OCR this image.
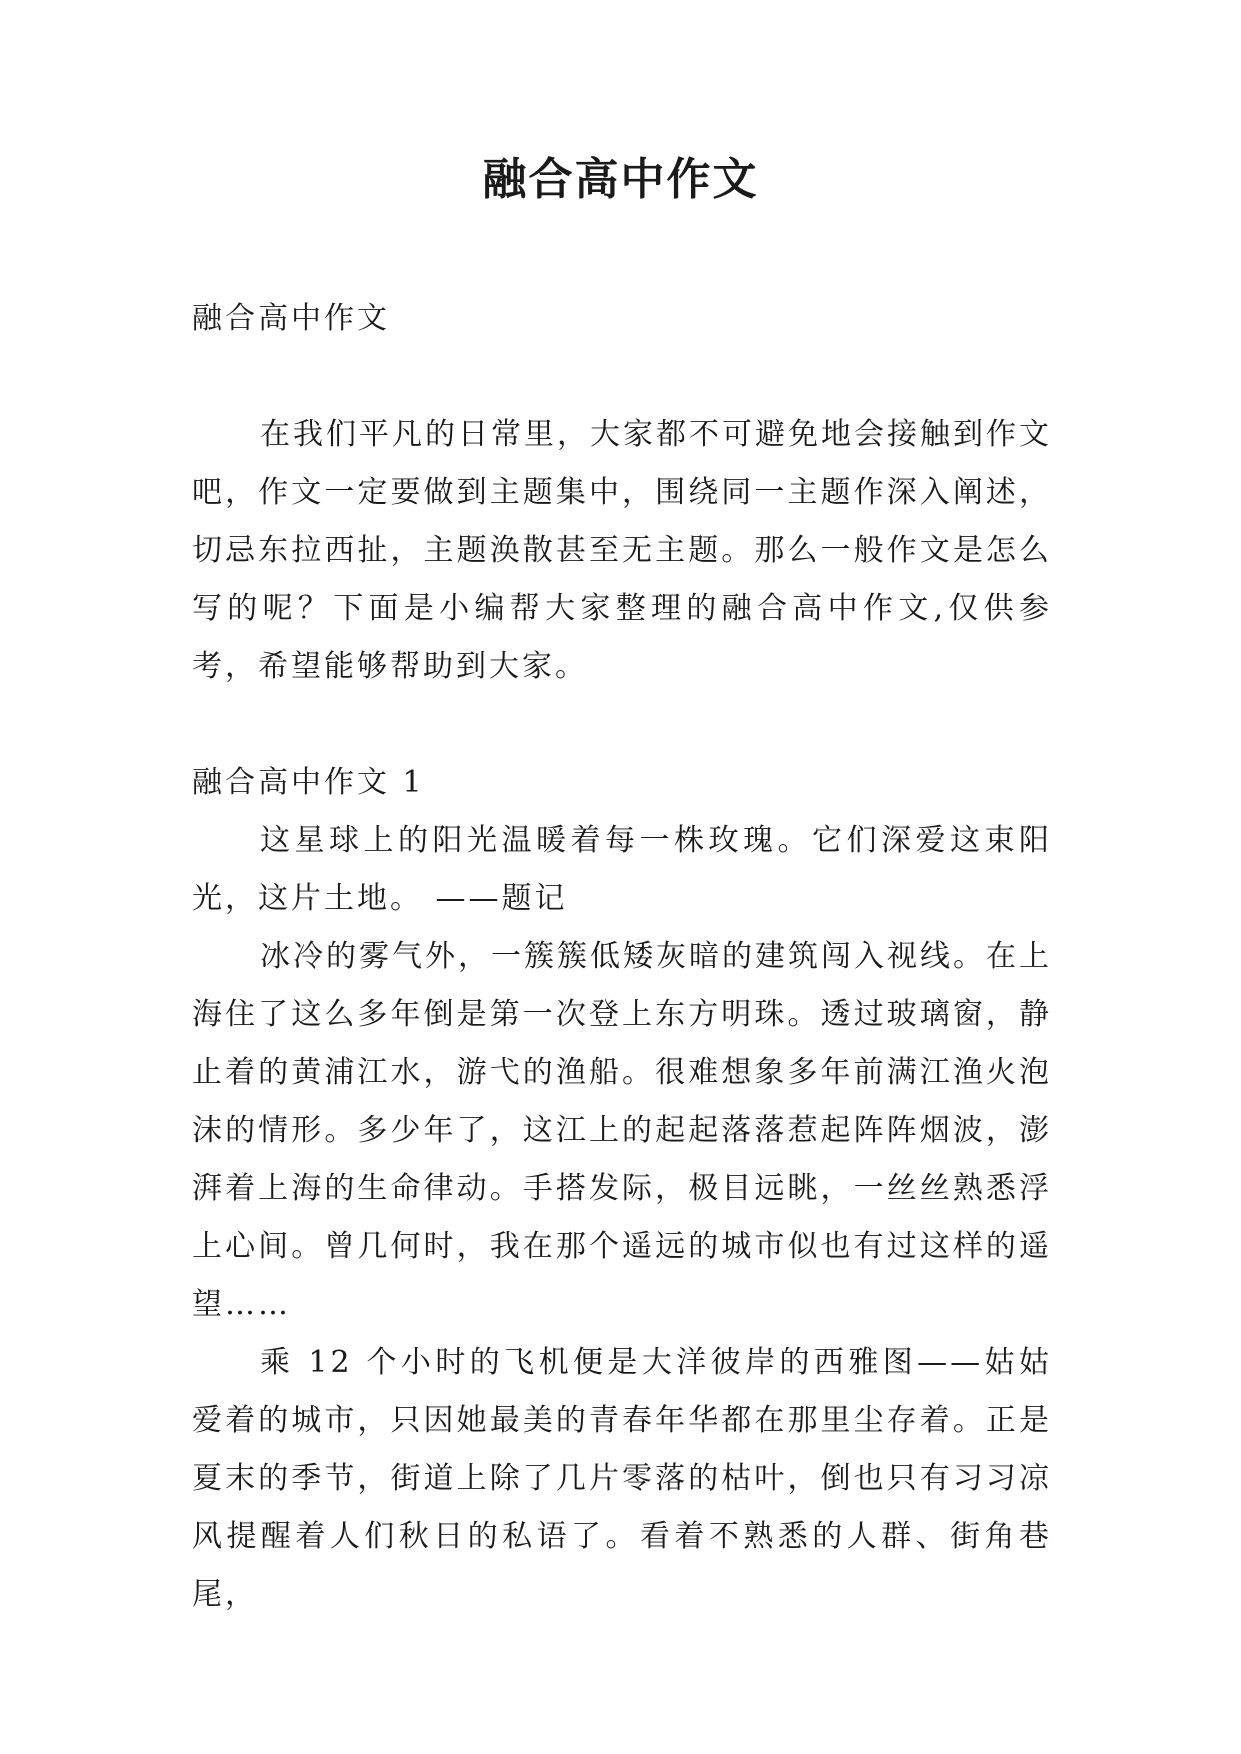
融合高中作文

融合高中作文

在我们平凡的日常里，大家都不可避免地会接触到作文吧，作文一定要做到主题集中，围绕同一主题作深入阐述，切忌东拉西扯，主题涣散甚至无主题。那么一般作文是怎么写的呢？下面是小编帮大家整理的融合高中作文,仅供参考，希望能够帮助到大家。

融合高中作文 1

这星球上的阳光温暖着每一株玫瑰。它们深爱这束阳光，这片土地。 ——题记

冰冷的雾气外，一簇簇低矮灰暗的建筑闯入视线。在上海住了这么多年倒是第一次登上东方明珠。透过玻璃窗，静止着的黄浦江水，游弋的渔船。很难想象多年前满江渔火泡沫的情形。多少年了，这江上的起起落落惹起阵阵烟波，澎湃着上海的生命律动。手搭发际，极目远眺，一丝丝熟悉浮上心间。曾几何时，我在那个遥远的城市似也有过这样的遥望……

乘 12 个小时的飞机便是大洋彼岸的西雅图——姑姑爱着的城市，只因她最美的青春年华都在那里尘存着。正是夏末的季节，街道上除了几片零落的枯叶，倒也只有习习凉风提醒着人们秋日的私语了。看着不熟悉的人群、街角巷尾，
